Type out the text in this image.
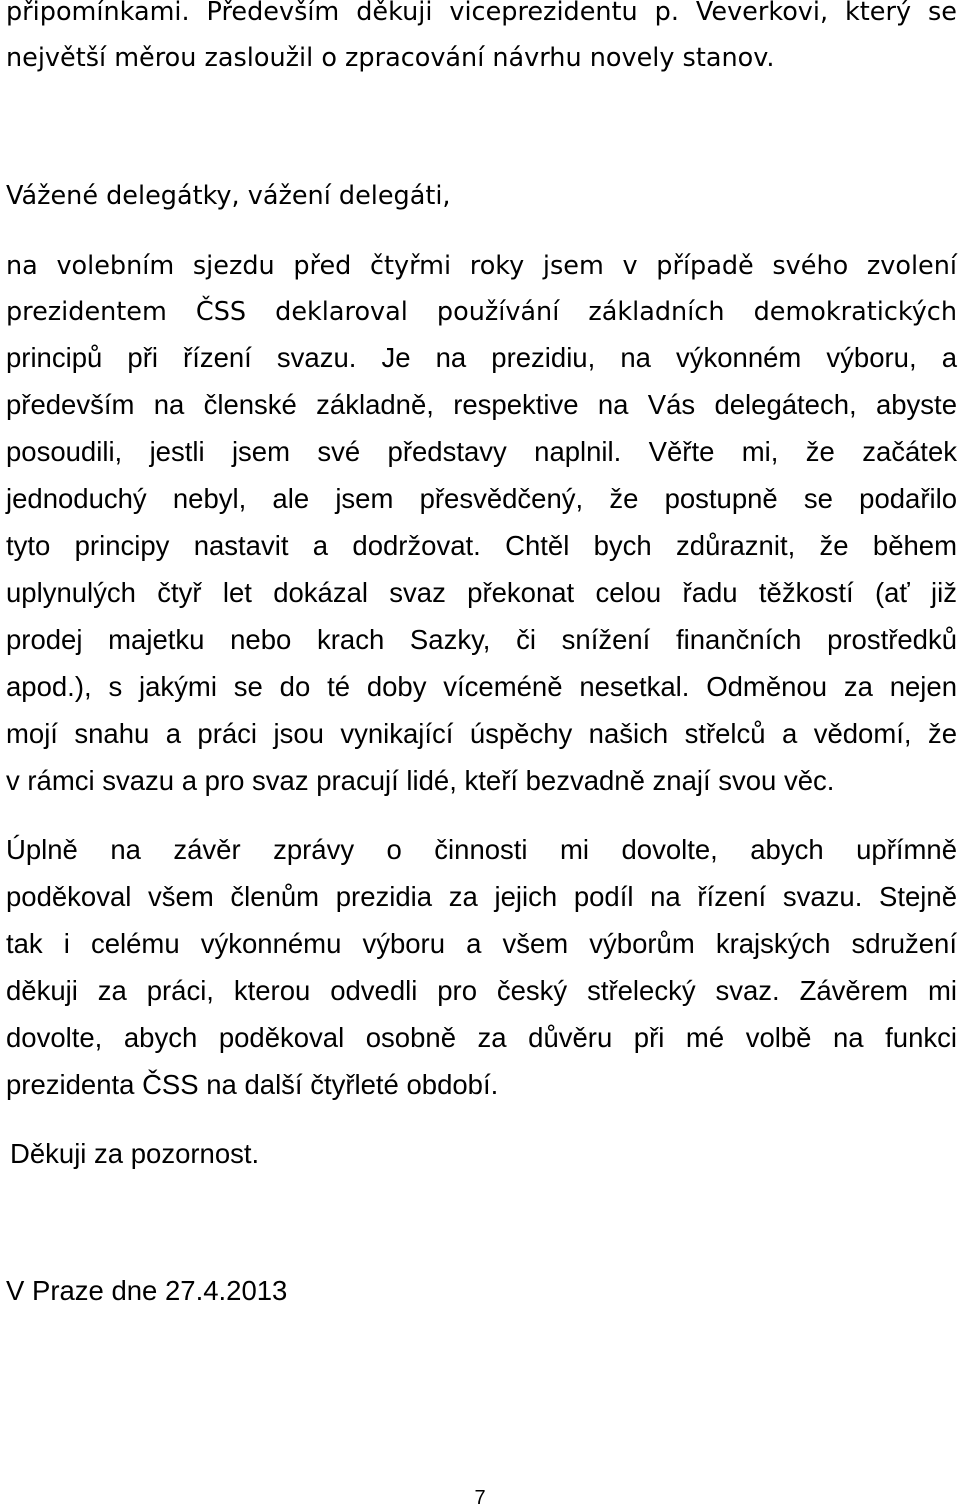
připomínkami. Především děkuji viceprezidentu p. Veverkovi, který se
největší měrou zasloužil o zpracování návrhu novely stanov.
Vážené delegátky, vážení delegáti,
na volebním sjezdu před čtyřmi roky jsem v případě svého zvolení
prezidentem ČSS deklaroval používání základních demokratických
principů při řízení svazu. Je na prezidiu, na výkonném výboru, a
především na členské základně, respektive na Vás delegátech, abyste
posoudili, jestli jsem své představy naplnil. Věřte mi, že začátek
jednoduchý nebyl, ale jsem přesvědčený, že postupně se podařilo
tyto principy nastavit a dodržovat. Chtěl bych zdůraznit, že během
uplynulých čtyř let dokázal svaz překonat celou řadu těžkostí (ať již
prodej majetku nebo krach Sazky, či snížení finančních prostředků
apod.), s jakými se do té doby víceméně nesetkal. Odměnou za nejen
mojí snahu a práci jsou vynikající úspěchy našich střelců a vědomí, že
v rámci svazu a pro svaz pracují lidé, kteří bezvadně znají svou věc.
Úplně na závěr zprávy o činnosti mi dovolte, abych upřímně
poděkoval všem členům prezidia za jejich podíl na řízení svazu. Stejně
tak i celému výkonnému výboru a všem výborům krajských sdružení
děkuji za práci, kterou odvedli pro český střelecký svaz. Závěrem mi
dovolte, abych poděkoval osobně za důvěru při mé volbě na funkci
prezidenta ČSS na další čtyřleté období.
Děkuji za pozornost.
V Praze dne 27.4.2013
7
